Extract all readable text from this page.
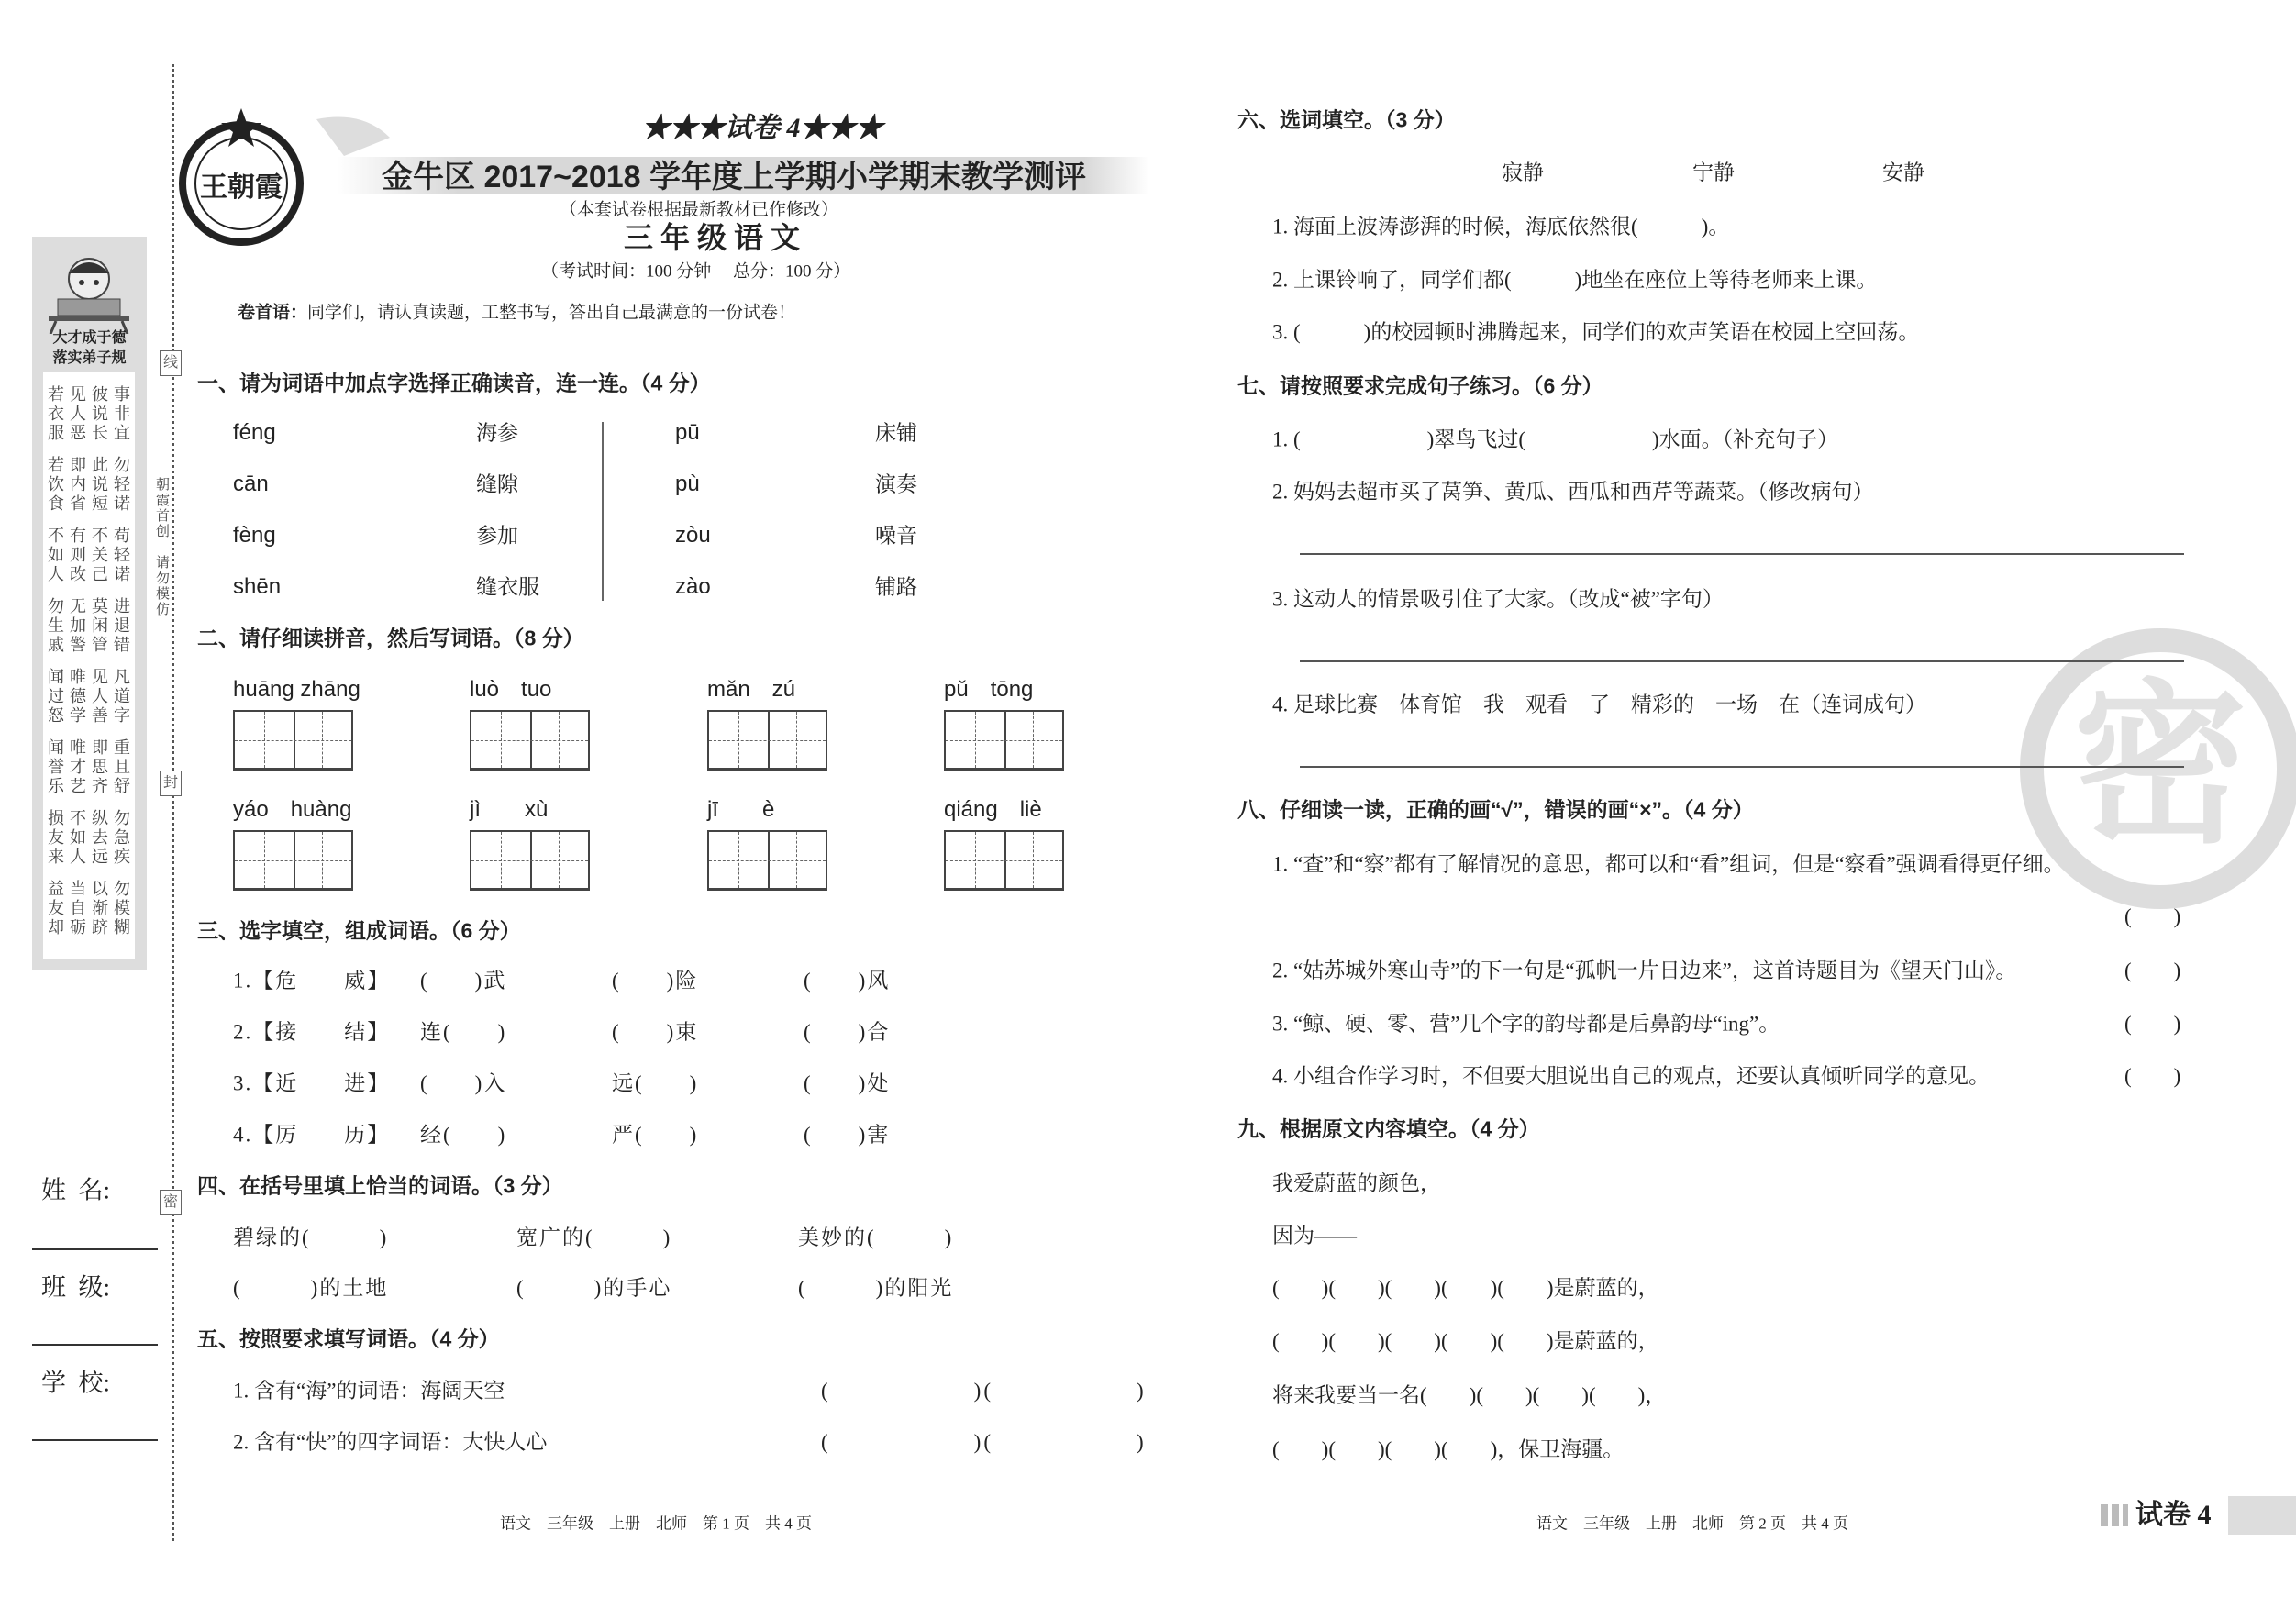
线
封
密
朝霞首创　请勿模仿
大才成于德
落实弟子规
若 见 彼 事
衣 人 说 非
服 恶 长 宜
若 即 此 勿
饮 内 说 轻
食 省 短 诺
不 有 不 苟
如 则 关 轻
人 改 己 诺
勿 无 莫 进
生 加 闲 退
戚 警 管 错
闻 唯 见 凡
过 德 人 道
怒 学 善 字
闻 唯 即 重
誉 才 思 且
乐 艺 齐 舒
损 不 纵 勿
友 如 去 急
来 人 远 疾
益 当 以 勿
友 自 渐 模
却 砺 跻 糊
姓  名:
班  级:
学  校:
王朝霞
★★★试卷 4★★★
金牛区 2017~2018 学年度上学期小学期末教学测评
（本套试卷根据最新教材已作修改）
三 年 级 语 文
（考试时间：100 分钟　 总分：100 分）
卷首语：同学们，请认真读题，工整书写，答出自己最满意的一份试卷！
一、请为词语中加点字选择正确读音，连一连。（4 分）
féng	海参	pū	床铺
cān	缝隙	pù	演奏
fèng	参加	zòu	噪音
shēn	缝衣服	zào	铺路
二、请仔细读拼音，然后写词语。（8 分）
huāng zhāng	luò　tuo	mǎn　zú	pǔ　tōng
yáo　huàng	jì　　xù	jī　　è	qiáng　liè
三、选字填空，组成词语。（6 分）
1.【危　　威】 (　　)武	(　　)险	(　　)风
2.【接　　结】 连(　　)	(　　)束	(　　)合
3.【近　　进】 (　　)入	远(　　)	(　　)处
4.【厉　　历】 经(　　)	严(　　)	(　　)害
四、在括号里填上恰当的词语。（3 分）
碧绿的(　　　)	宽广的(　　　)	美妙的(　　　)
(　　　)的土地	(　　　)的手心	(　　　)的阳光
五、按照要求填写词语。（4 分）
1. 含有“海”的词语：海阔天空	(　　　　　　)(　　　　　　)
2. 含有“快”的四字词语：大快人心	(　　　　　　)(　　　　　　)
语文　三年级　上册　北师　第 1 页　共 4 页
密
六、选词填空。（3 分）
寂静	宁静	安静
1. 海面上波涛澎湃的时候，海底依然很(　　　)。
2. 上课铃响了，同学们都(　　　)地坐在座位上等待老师来上课。
3. (　　　)的校园顿时沸腾起来，同学们的欢声笑语在校园上空回荡。
七、请按照要求完成句子练习。（6 分）
1. (　　　　　　)翠鸟飞过(　　　　　　)水面。（补充句子）
2. 妈妈去超市买了莴笋、黄瓜、西瓜和西芹等蔬菜。（修改病句）
3. 这动人的情景吸引住了大家。（改成“被”字句）
4. 足球比赛　体育馆　我　观看　了　精彩的　一场　在（连词成句）
八、仔细读一读，正确的画“√”，错误的画“×”。（4 分）
1. “查”和“察”都有了解情况的意思，都可以和“看”组词，但是“察看”强调看得更仔细。
(　　)
2. “姑苏城外寒山寺”的下一句是“孤帆一片日边来”，这首诗题目为《望天门山》。	(　　)
3. “鲸、硬、零、营”几个字的韵母都是后鼻韵母“ing”。	(　　)
4. 小组合作学习时，不但要大胆说出自己的观点，还要认真倾听同学的意见。	(　　)
九、根据原文内容填空。（4 分）
我爱蔚蓝的颜色，
因为——
(　　)(　　)(　　)(　　)(　　)是蔚蓝的，
(　　)(　　)(　　)(　　)(　　)是蔚蓝的，
将来我要当一名(　　)(　　)(　　)(　　)，
(　　)(　　)(　　)(　　)，保卫海疆。
语文　三年级　上册　北师　第 2 页　共 4 页	试卷 4
